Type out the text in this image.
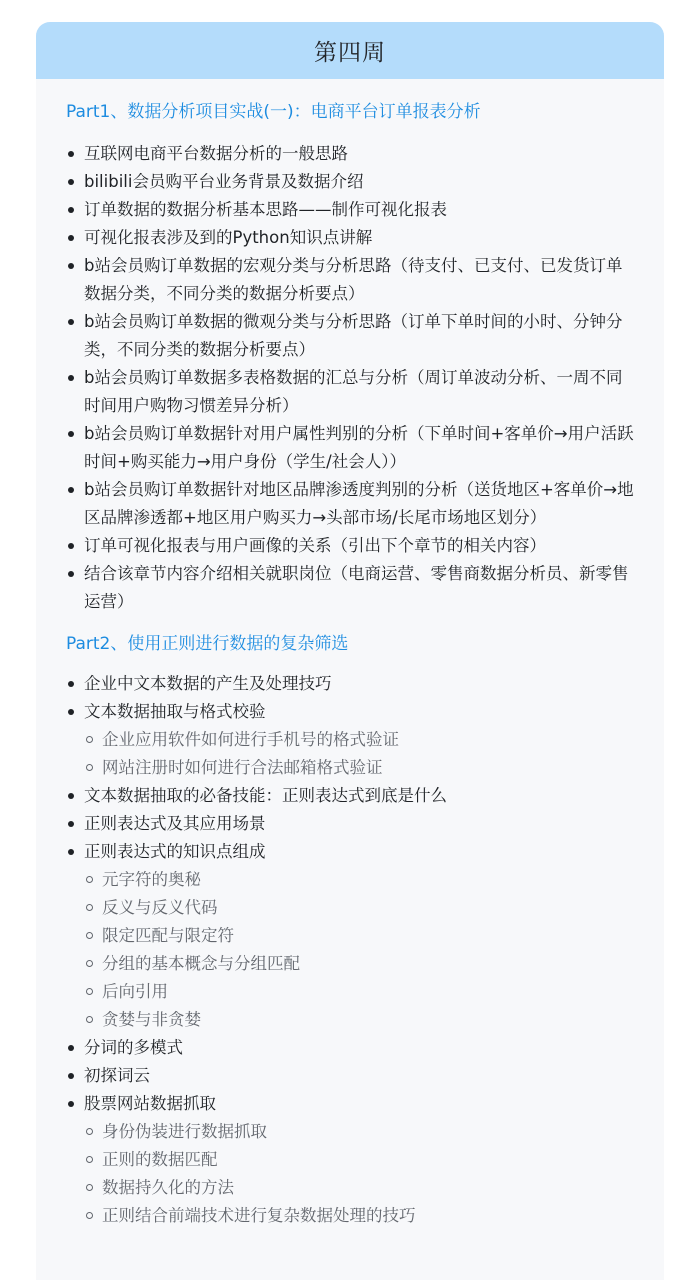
第四周
Part1、数据分析项目实战(一)：电商平台订单报表分析
互联网电商平台数据分析的一般思路
bilibili会员购平台业务背景及数据介绍
订单数据的数据分析基本思路——制作可视化报表
可视化报表涉及到的Python知识点讲解
b站会员购订单数据的宏观分类与分析思路（待支付、已支付、已发货订单数据分类，不同分类的数据分析要点）
b站会员购订单数据的微观分类与分析思路（订单下单时间的小时、分钟分类，不同分类的数据分析要点）
b站会员购订单数据多表格数据的汇总与分析（周订单波动分析、一周不同时间用户购物习惯差异分析）
b站会员购订单数据针对用户属性判别的分析（下单时间+客单价→用户活跃时间+购买能力→用户身份（学生/社会人））
b站会员购订单数据针对地区品牌渗透度判别的分析（送货地区+客单价→地区品牌渗透都+地区用户购买力→头部市场/长尾市场地区划分）
订单可视化报表与用户画像的关系（引出下个章节的相关内容）
结合该章节内容介绍相关就职岗位（电商运营、零售商数据分析员、新零售运营）
Part2、使用正则进行数据的复杂筛选
企业中文本数据的产生及处理技巧
文本数据抽取与格式校验
企业应用软件如何进行手机号的格式验证
网站注册时如何进行合法邮箱格式验证
文本数据抽取的必备技能：正则表达式到底是什么
正则表达式及其应用场景
正则表达式的知识点组成
元字符的奥秘
反义与反义代码
限定匹配与限定符
分组的基本概念与分组匹配
后向引用
贪婪与非贪婪
分词的多模式
初探词云
股票网站数据抓取
身份伪装进行数据抓取
正则的数据匹配
数据持久化的方法
正则结合前端技术进行复杂数据处理的技巧
